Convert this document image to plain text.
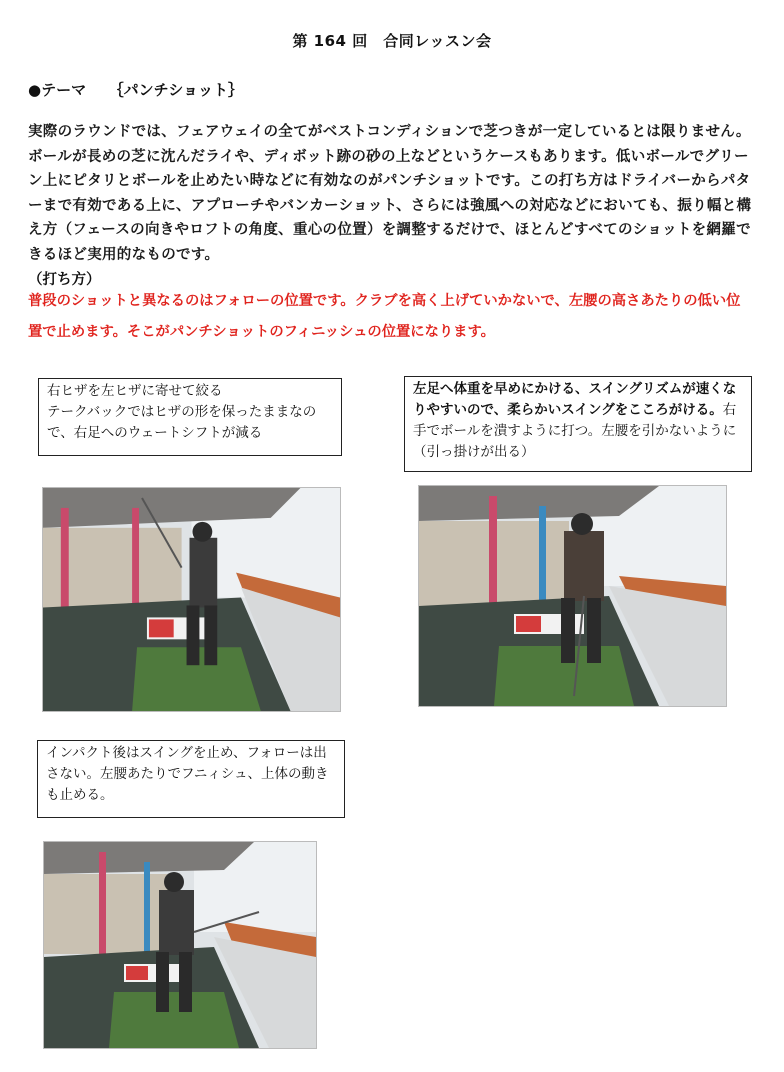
第 164 回　合同レッスン会
●テーマ　　 ｛パンチショット｝
実際のラウンドでは、フェアウェイの全てがベストコンディションで芝つきが一定しているとは限りません。ボールが長めの芝に沈んだライや、ディボット跡の砂の上などというケースもあります。低いボールでグリーン上にピタリとボールを止めたい時などに有効なのがパンチショットです。この打ち方はドライバーからパターまで有効である上に、アプローチやバンカーショット、さらには強風への対応などにおいても、振り幅と構え方（フェースの向きやロフトの角度、重心の位置）を調整するだけで、ほとんどすべてのショットを網羅できるほど実用的なものです。
（打ち方）
普段のショットと異なるのはフォローの位置です。クラブを高く上げていかないで、左腰の高さあたりの低い位置で止めます。そこがパンチショットのフィニッシュの位置になります。
右ヒザを左ヒザに寄せて絞る
テークバックではヒザの形を保ったままなので、右足へのウェートシフトが減る
左足へ体重を早めにかける、スイングリズムが速くなりやすいので、柔らかいスイングをこころがける。右手でボールを潰すように打つ。左腰を引かないように（引っ掛けが出る）
インパクト後はスイングを止め、フォローは出さない。左腰あたりでフニィシュ、上体の動きも止める。
